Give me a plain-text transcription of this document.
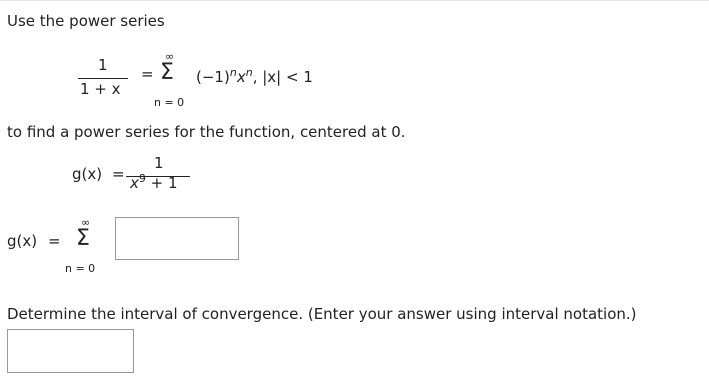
Use the power series
1
1 + x
=
∞
Σ
n = 0
$(-1)^nx^n$, |x| < 1
to find a power series for the function, centered at 0.
g(x) =
1
$x^9 + 1$
g(x) =
∞
Σ
n = 0
Determine the interval of convergence. (Enter your answer using interval notation.)
